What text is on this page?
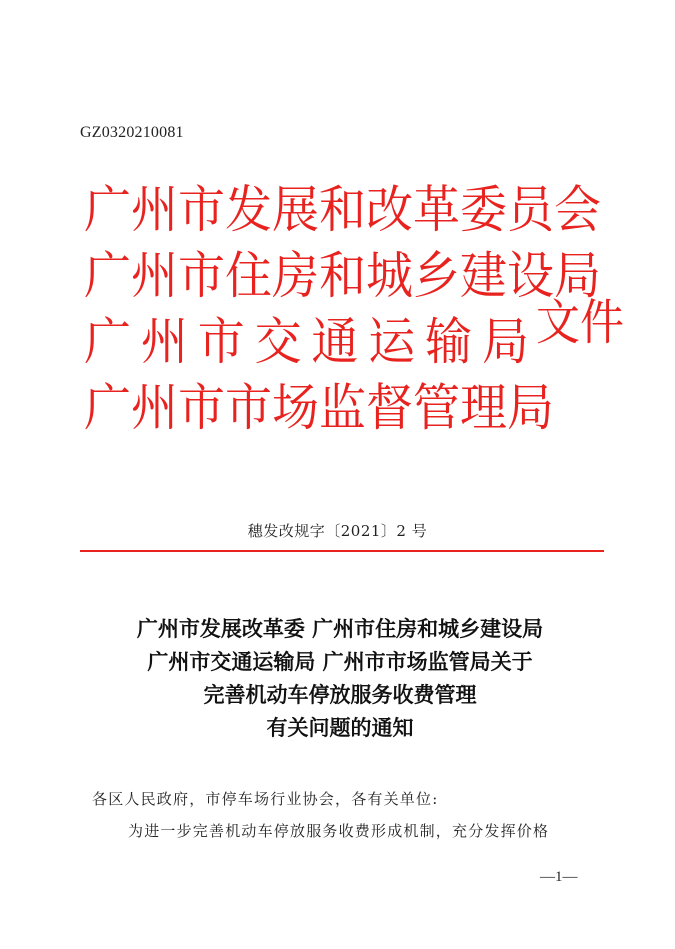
GZ0320210081
广州市发展和改革委员会
广州市住房和城乡建设局
广州市交通运输局
广州市市场监督管理局
文件
穗发改规字〔2021〕2 号
广州市发展改革委 广州市住房和城乡建设局
广州市交通运输局 广州市市场监管局关于
完善机动车停放服务收费管理
有关问题的通知
各区人民政府，市停车场行业协会，各有关单位:
为进一步完善机动车停放服务收费形成机制，充分发挥价格
—1—
